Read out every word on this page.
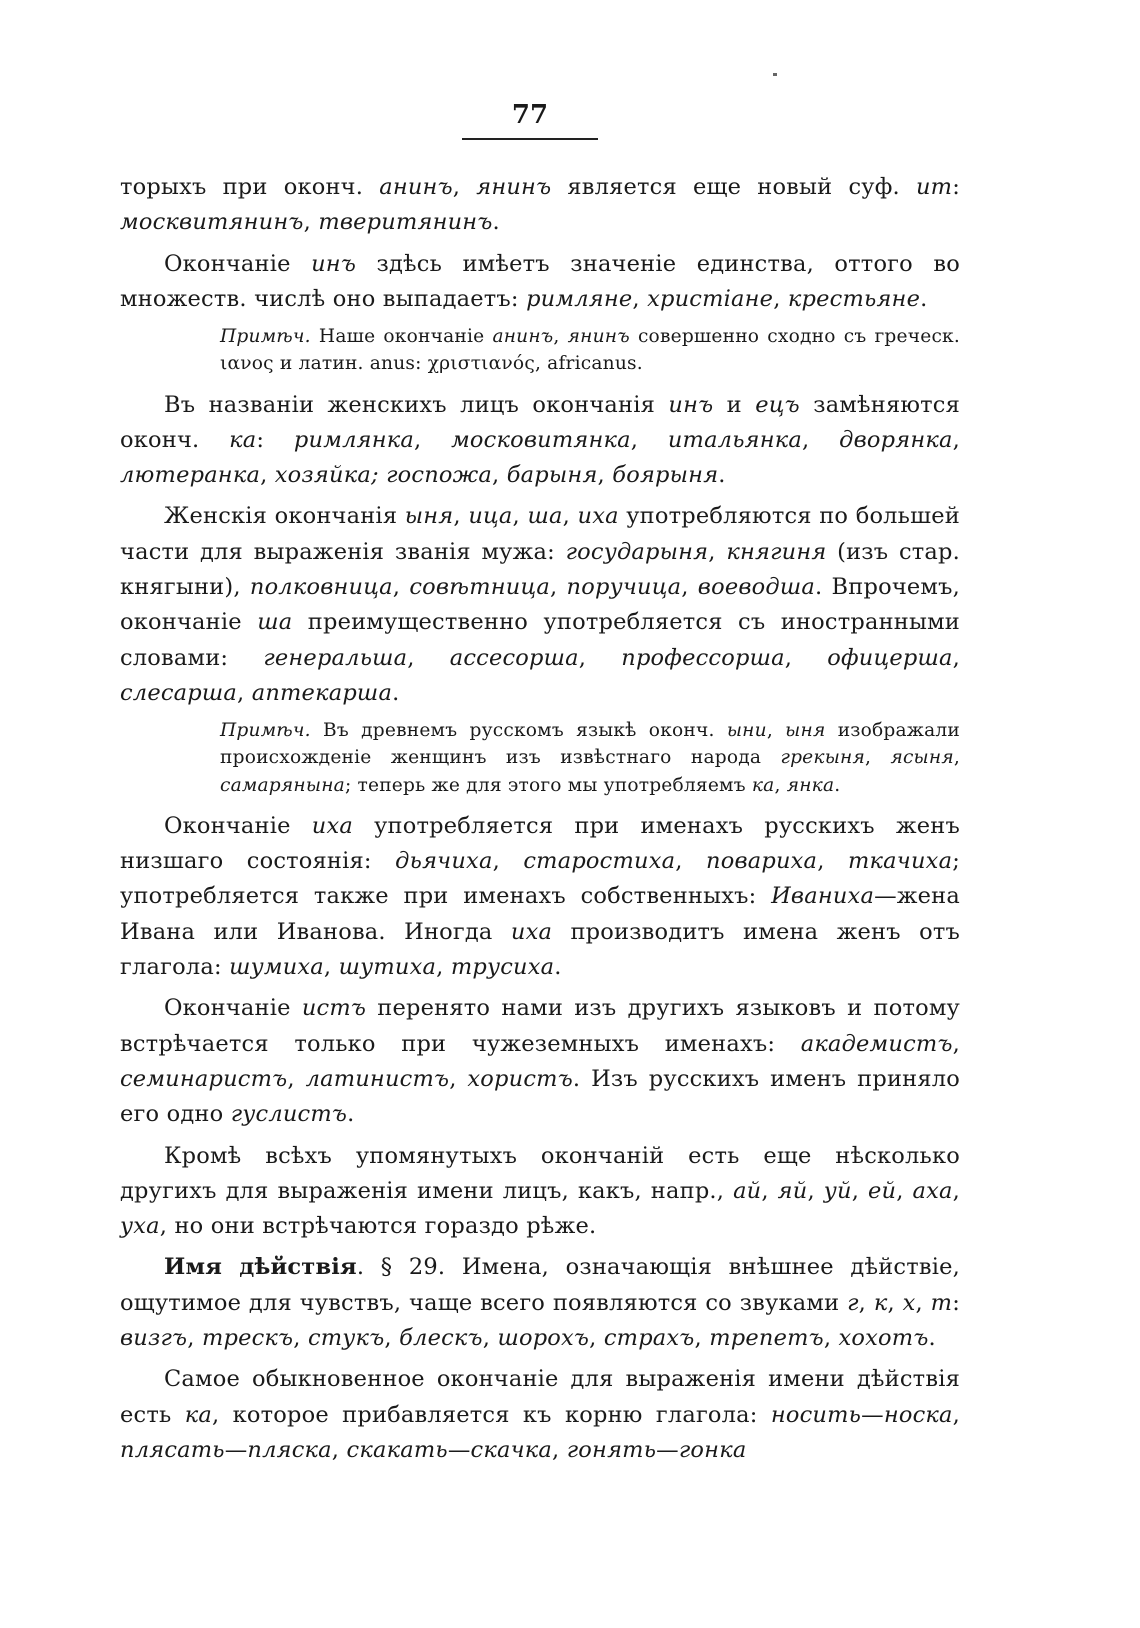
77

торыхъ при оконч. анинъ, янинъ является еще новый суф. ит: москвитянинъ, тверитянинъ.

Окончаніе инъ здѣсь имѣетъ значеніе единства, оттого во множеств. числѣ оно выпадаетъ: римляне, христіане, крестьяне.

Примѣч. Наше окончаніе анинъ, янинъ совершенно сходно съ греческ. ιανος и латин. anus: χριστιανός, africanus.

Въ названіи женскихъ лицъ окончанія инъ и ецъ замѣняются оконч. ка: римлянка, московитянка, итальянка, дворянка, лютеранка, хозяйка; госпожа, барыня, боярыня.

Женскія окончанія ыня, ица, ша, иха употребляются по большей части для выраженія званія мужа: государыня, княгиня (изъ стар. княгыни), полковница, совѣтница, поручица, воеводша. Впрочемъ, окончаніе ша преимущественно употребляется съ иностранными словами: генеральша, ассесорша, профессорша, офицерша, слесарша, аптекарша.

Примѣч. Въ древнемъ русскомъ языкѣ оконч. ыни, ыня изображали происхожденіе женщинъ изъ извѣстнаго народа грекыня, ясыня, самарянына; теперь же для этого мы употребляемъ ка, янка.

Окончаніе иха употребляется при именахъ русскихъ женъ низшаго состоянія: дьячиха, старостиха, повариха, ткачиха; употребляется также при именахъ собственныхъ: Иваниха—жена Ивана или Иванова. Иногда иха производитъ имена женъ отъ глагола: шумиха, шутиха, трусиха.

Окончаніе истъ перенято нами изъ другихъ языковъ и потому встрѣчается только при чужеземныхъ именахъ: академистъ, семинаристъ, латинистъ, хористъ. Изъ русскихъ именъ приняло его одно гуслистъ.

Кромѣ всѣхъ упомянутыхъ окончаній есть еще нѣсколько другихъ для выраженія имени лицъ, какъ, напр., ай, яй, уй, ей, аха, уха, но они встрѣчаются гораздо рѣже.

Имя дѣйствія. § 29. Имена, означающія внѣшнее дѣйствіе, ощутимое для чувствъ, чаще всего появляются со звуками г, к, х, т: визгъ, трескъ, стукъ, блескъ, шорохъ, страхъ, трепетъ, хохотъ.

Самое обыкновенное окончаніе для выраженія имени дѣйствія есть ка, которое прибавляется къ корню глагола: носить—носка, плясать—пляска, скакать—скачка, гонять—гонка
